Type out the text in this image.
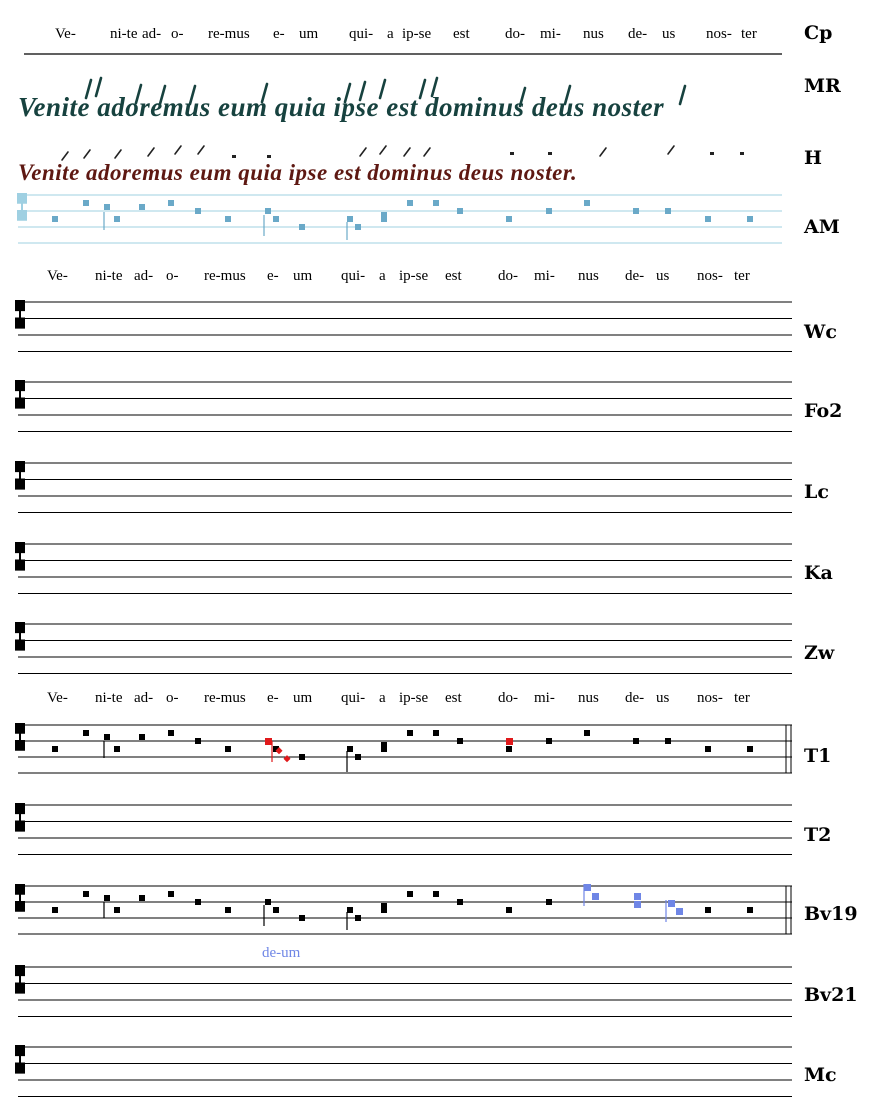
Ve- ni-te ad- o- re-mus e- um qui- a ip-se est do- mi- nus de- us nos- ter
Ve- ni-te ad- o- re-mus e- um qui- a ip-se est do- mi- nus de- us nos- ter
Ve- ni-te ad- o- re-mus e- um qui- a ip-se est do- mi- nus de- us nos- ter
Venite adoremus eum quia ipse est dominus deus noster
Venite adoremus eum quia ipse est dominus deus noster.
Cp
MR
H
AM
Wc
Fo2
Lc
Ka
Zw
T1
T2
Bv19
Bv21
Mc
de-um
